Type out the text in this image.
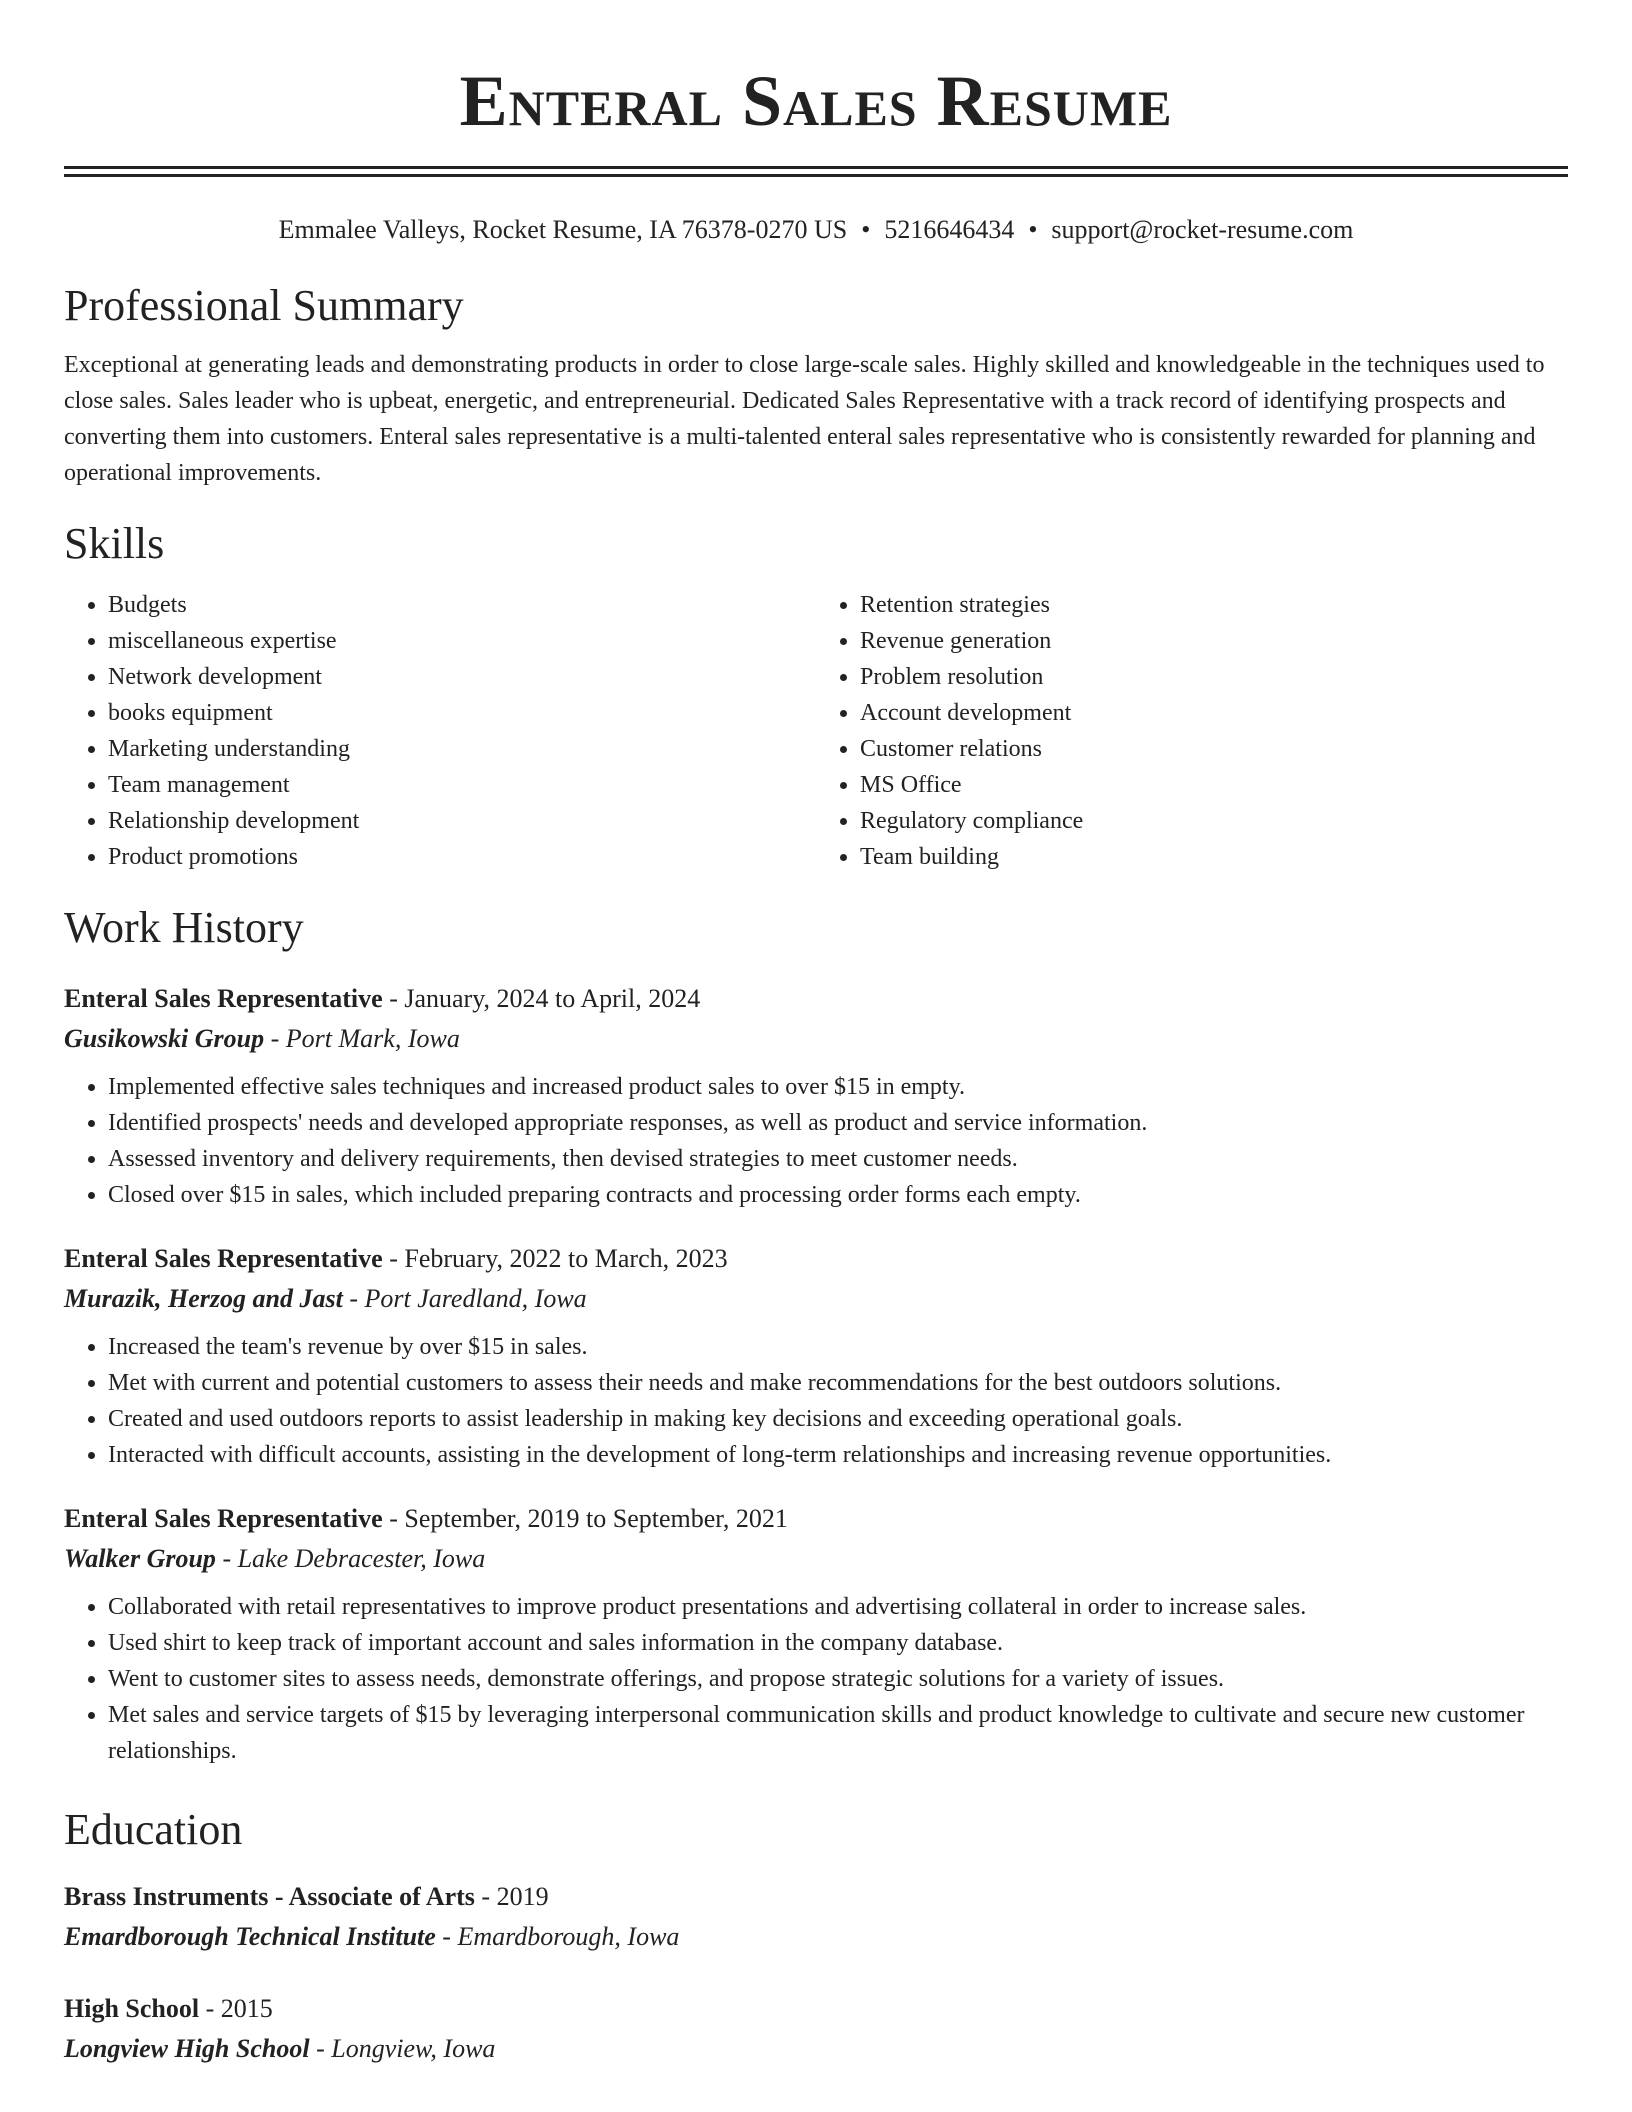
Enteral Sales Resume
Emmalee Valleys, Rocket Resume, IA 76378-0270 US • 5216646434 • support@rocket-resume.com
Professional Summary

Exceptional at generating leads and demonstrating products in order to close large-scale sales. Highly skilled and knowledgeable in the techniques used to close sales. Sales leader who is upbeat, energetic, and entrepreneurial. Dedicated Sales Representative with a track record of identifying prospects and converting them into customers. Enteral sales representative is a multi-talented enteral sales representative who is consistently rewarded for planning and operational improvements.

Skills
• Budgets
• miscellaneous expertise
• Network development
• books equipment
• Marketing understanding
• Team management
• Relationship development
• Product promotions
• Retention strategies
• Revenue generation
• Problem resolution
• Account development
• Customer relations
• MS Office
• Regulatory compliance
• Team building
Work History
Enteral Sales Representative - January, 2024 to April, 2024
Gusikowski Group - Port Mark, Iowa
• Implemented effective sales techniques and increased product sales to over $15 in empty.
• Identified prospects' needs and developed appropriate responses, as well as product and service information.
• Assessed inventory and delivery requirements, then devised strategies to meet customer needs.
• Closed over $15 in sales, which included preparing contracts and processing order forms each empty.
Enteral Sales Representative - February, 2022 to March, 2023
Murazik, Herzog and Jast - Port Jaredland, Iowa
• Increased the team's revenue by over $15 in sales.
• Met with current and potential customers to assess their needs and make recommendations for the best outdoors solutions.
• Created and used outdoors reports to assist leadership in making key decisions and exceeding operational goals.
• Interacted with difficult accounts, assisting in the development of long-term relationships and increasing revenue opportunities.
Enteral Sales Representative - September, 2019 to September, 2021
Walker Group - Lake Debracester, Iowa
• Collaborated with retail representatives to improve product presentations and advertising collateral in order to increase sales.
• Used shirt to keep track of important account and sales information in the company database.
• Went to customer sites to assess needs, demonstrate offerings, and propose strategic solutions for a variety of issues.
• Met sales and service targets of $15 by leveraging interpersonal communication skills and product knowledge to cultivate and secure new customer relationships.
Education
Brass Instruments - Associate of Arts - 2019
Emardborough Technical Institute - Emardborough, Iowa
High School - 2015
Longview High School - Longview, Iowa
